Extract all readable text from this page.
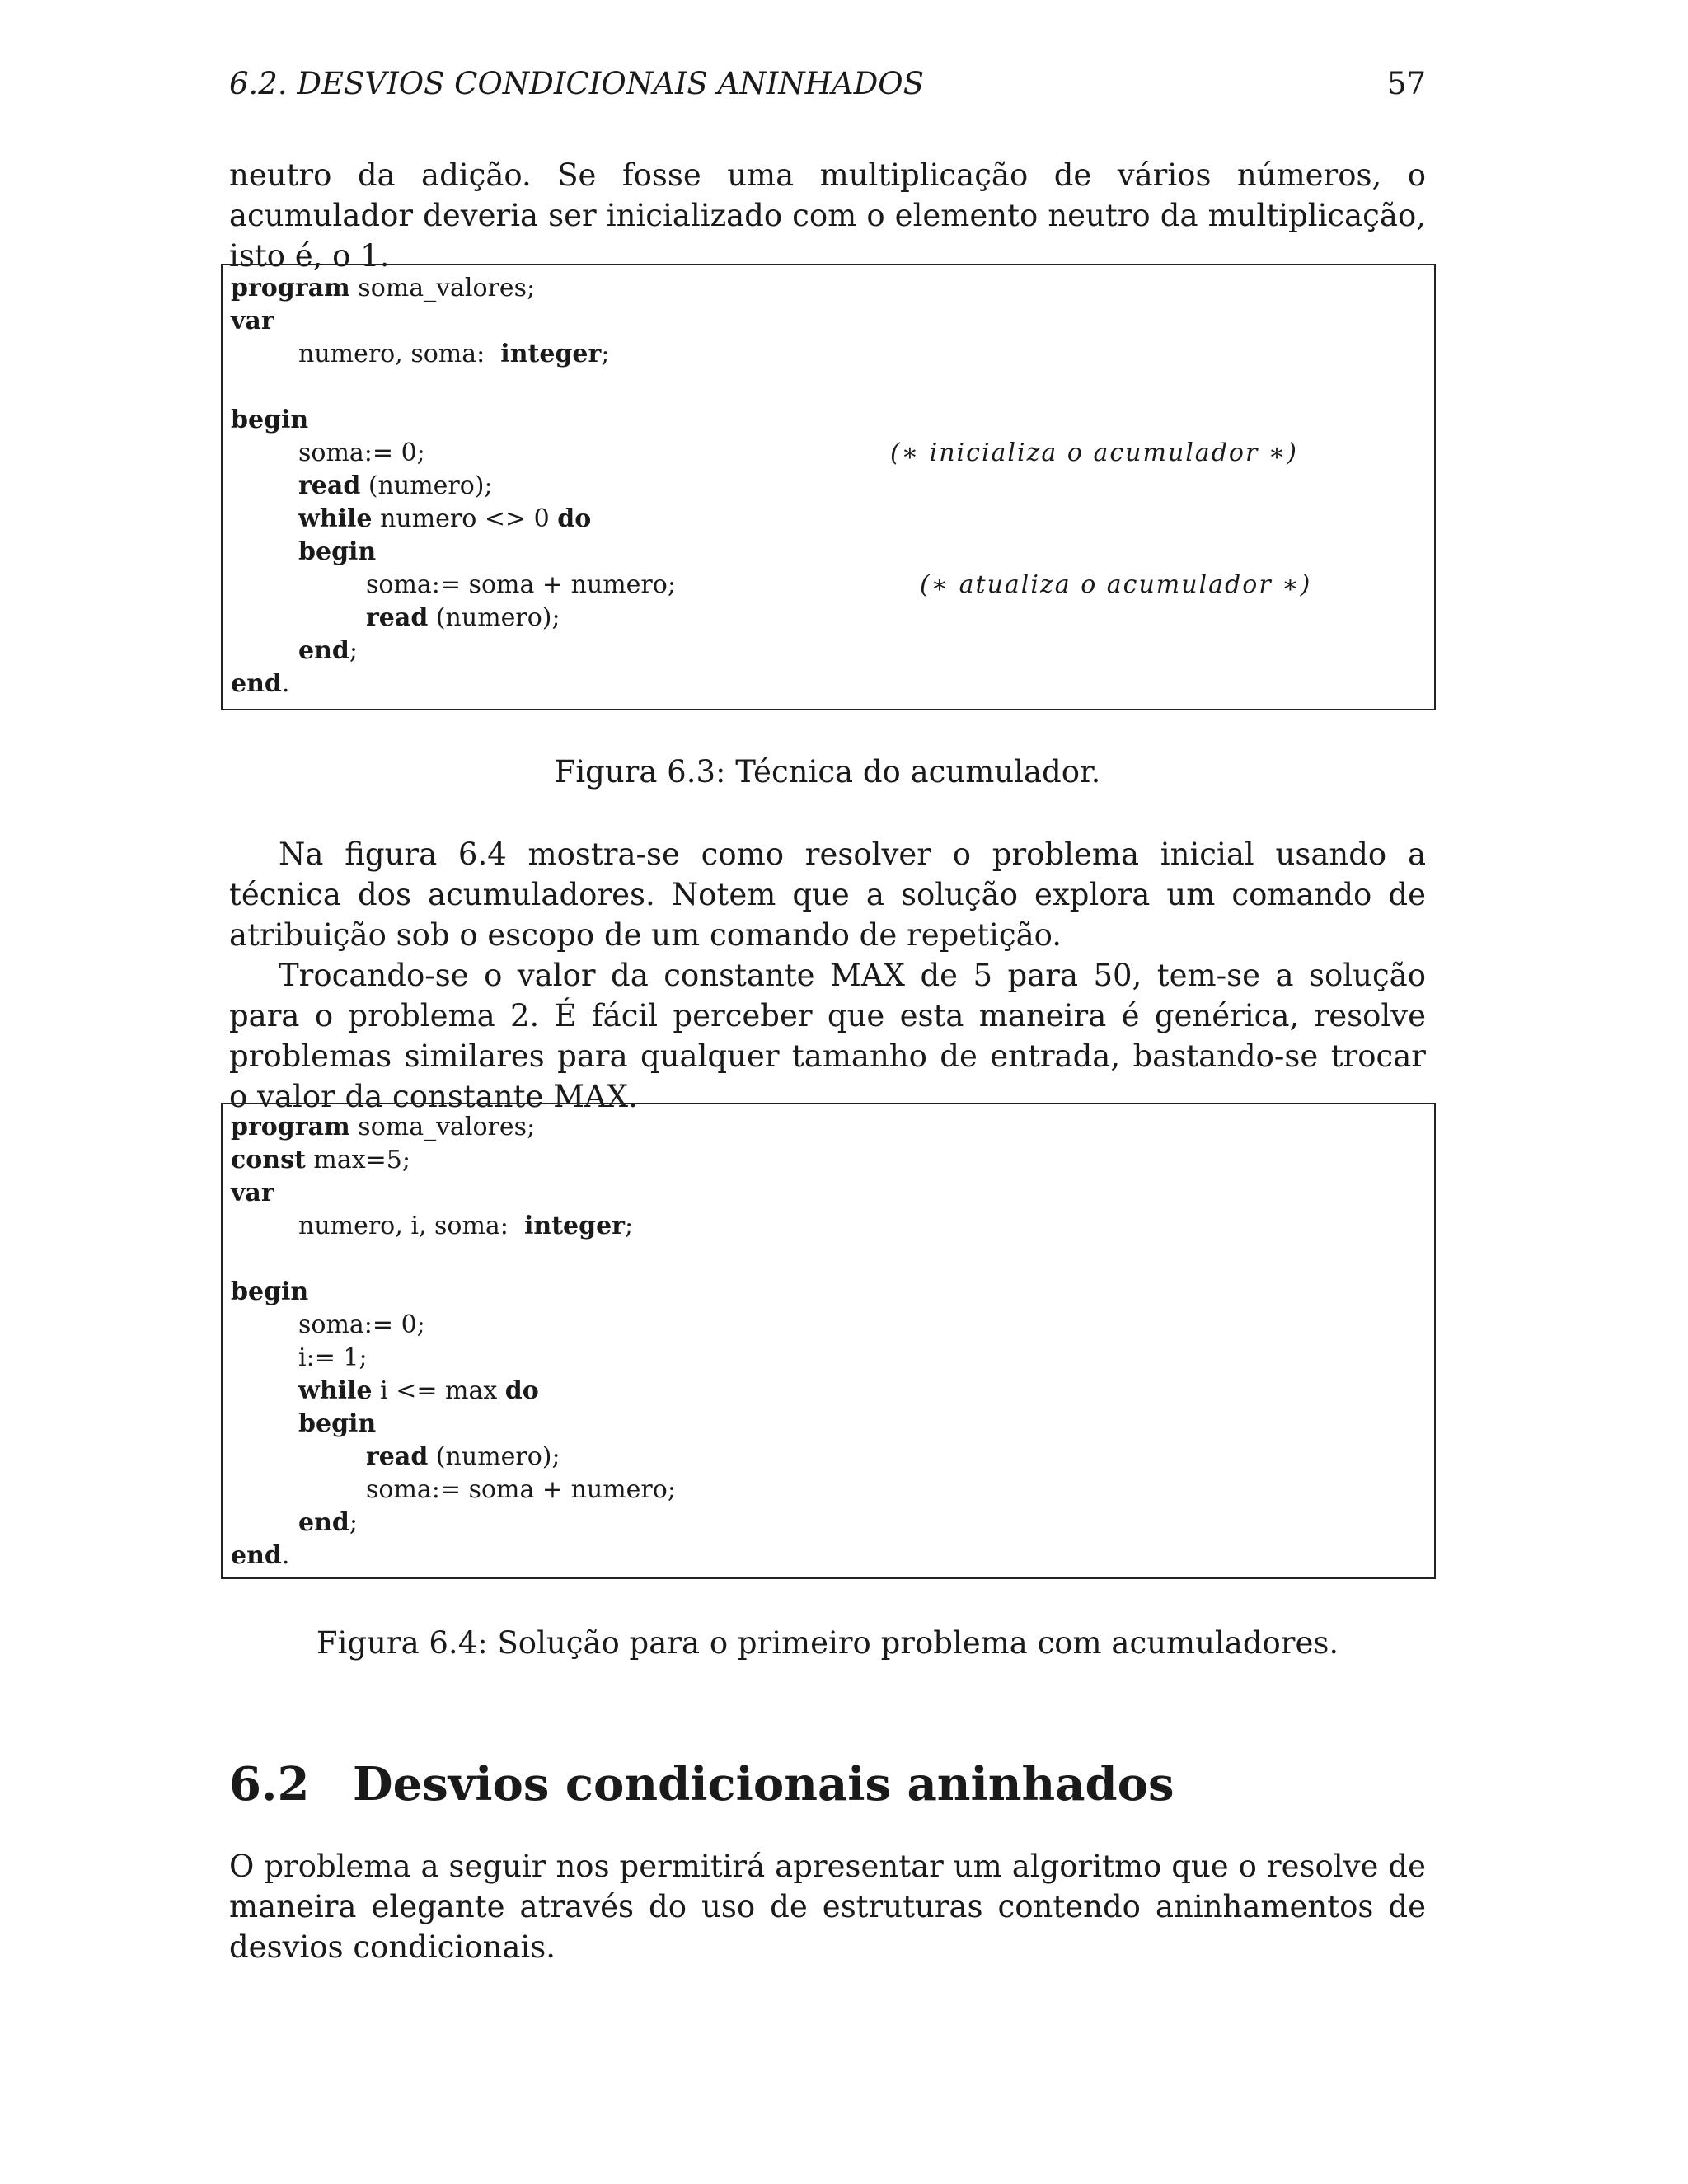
6.2. DESVIOS CONDICIONAIS ANINHADOS	57

neutro da adição. Se fosse uma multiplicação de vários números, o acumulador deveria ser inicializado com o elemento neutro da multiplicação, isto é, o 1.

program soma_valores;
var
numero, soma:  integer;
begin
soma:= 0;	(∗ inicializa o acumulador ∗)
read (numero);
while numero <> 0 do
begin
soma:= soma + numero;	(∗ atualiza o acumulador ∗)
read (numero);
end;
end.
Figura 6.3: Técnica do acumulador.

Na figura 6.4 mostra-se como resolver o problema inicial usando a técnica dos acumuladores. Notem que a solução explora um comando de atribuição sob o escopo de um comando de repetição.

Trocando-se o valor da constante MAX de 5 para 50, tem-se a solução para o problema 2. É fácil perceber que esta maneira é genérica, resolve problemas similares para qualquer tamanho de entrada, bastando-se trocar o valor da constante MAX.

program soma_valores;
const max=5;
var
numero, i, soma:  integer;
begin
soma:= 0;
i:= 1;
while i <= max do
begin
read (numero);
soma:= soma + numero;
end;
end.
Figura 6.4: Solução para o primeiro problema com acumuladores.
6.2 Desvios condicionais aninhados

O problema a seguir nos permitirá apresentar um algoritmo que o resolve de maneira elegante através do uso de estruturas contendo aninhamentos de desvios condicionais.
